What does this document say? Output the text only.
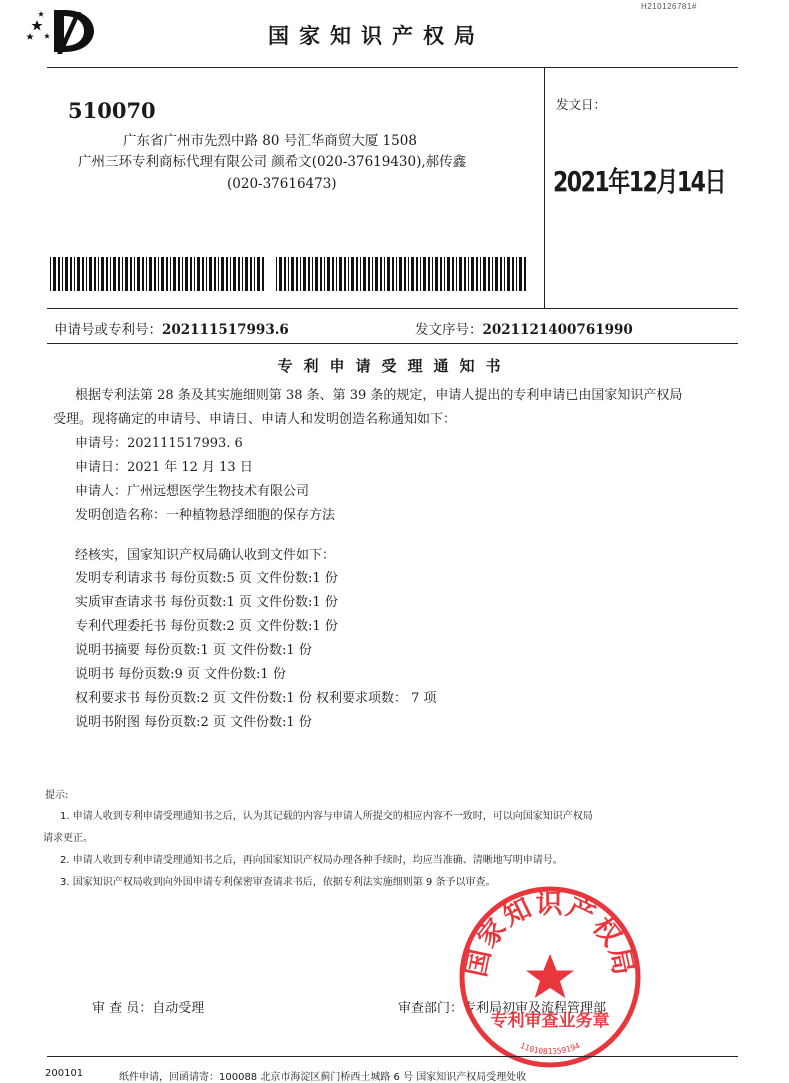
H210126781#
国家知识产权局
510070
广东省广州市先烈中路 80 号汇华商贸大厦 1508
广州三环专利商标代理有限公司 颜希文(020-37619430),郝传鑫
(020-37616473)
发文日：
2021年12月14日
申请号或专利号：202111517993.6	发文序号：2021121400761990
专利申请受理通知书
根据专利法第 28 条及其实施细则第 38 条、第 39 条的规定，申请人提出的专利申请已由国家知识产权局
受理。现将确定的申请号、申请日、申请人和发明创造名称通知如下：
申请号：202111517993. 6
申请日：2021 年 12 月 13 日
申请人：广州远想医学生物技术有限公司
发明创造名称：一种植物悬浮细胞的保存方法
经核实，国家知识产权局确认收到文件如下：
发明专利请求书 每份页数:5 页 文件份数:1 份
实质审查请求书 每份页数:1 页 文件份数:1 份
专利代理委托书 每份页数:2 页 文件份数:1 份
说明书摘要 每份页数:1 页 文件份数:1 份
说明书 每份页数:9 页 文件份数:1 份
权利要求书 每份页数:2 页 文件份数:1 份 权利要求项数： 7 项
说明书附图 每份页数:2 页 文件份数:1 份
提示:
1. 申请人收到专利申请受理通知书之后，认为其记载的内容与申请人所提交的相应内容不一致时，可以向国家知识产权局
请求更正。
2. 申请人收到专利申请受理通知书之后，再向国家知识产权局办理各种手续时，均应当准确、清晰地写明申请号。
3. 国家知识产权局收到向外国申请专利保密审查请求书后，依据专利法实施细则第 9 条予以审查。
审 查 员：自动受理	审查部门：专利局初审及流程管理部
国家知识产权局
专利审查业务章
1101081359194
200101	纸件申请，回函请寄：100088 北京市海淀区蓟门桥西土城路 6 号 国家知识产权局受理处收
